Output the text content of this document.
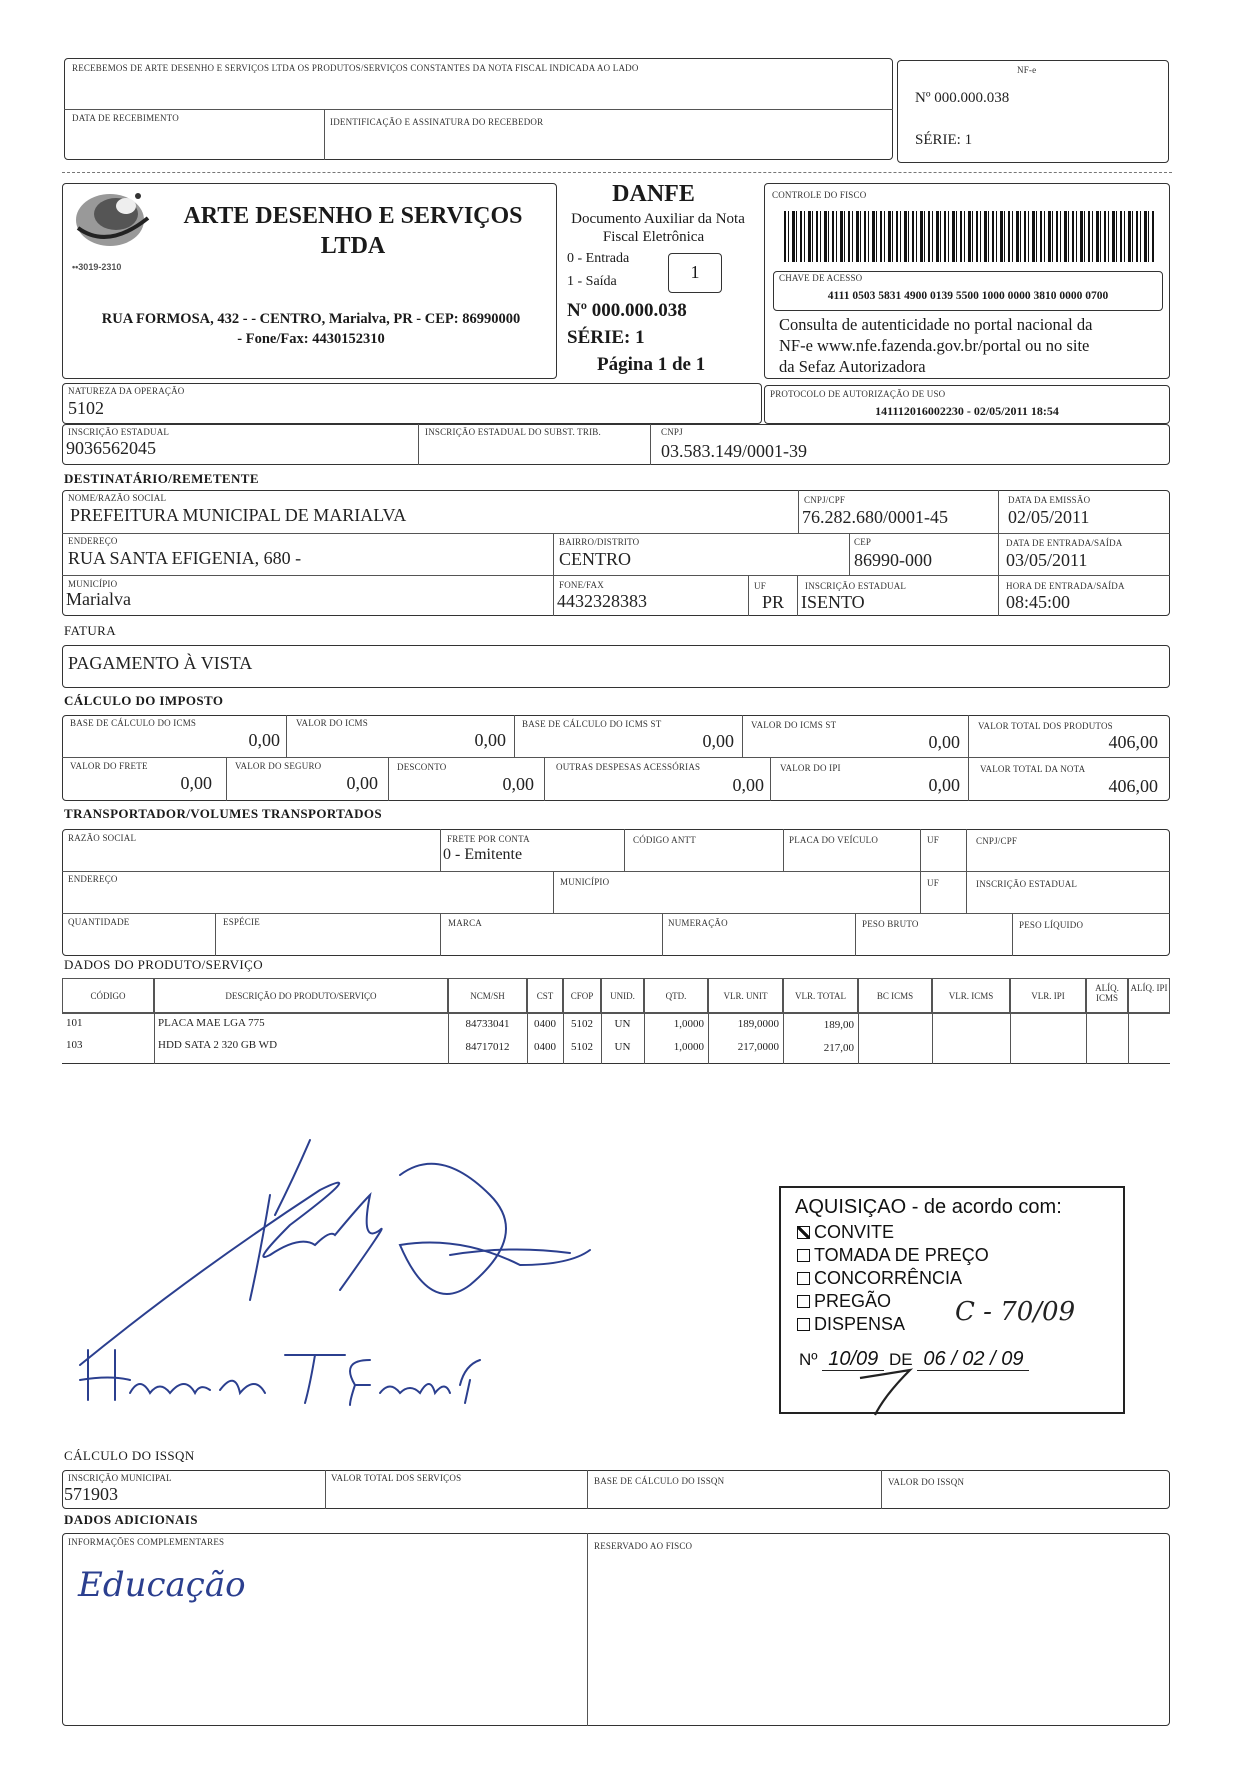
RECEBEMOS DE ARTE DESENHO E SERVIÇOS LTDA OS PRODUTOS/SERVIÇOS CONSTANTES DA NOTA FISCAL INDICADA AO LADO
DATA DE RECEBIMENTO	IDENTIFICAÇÃO E ASSINATURA DO RECEBEDOR
NF-e
Nº 000.000.038
SÉRIE: 1
••3019-2310
ARTE DESENHO E SERVIÇOS
LTDA
RUA FORMOSA, 432 - - CENTRO, Marialva, PR - CEP: 86990000
- Fone/Fax: 4430152310
DANFE
Documento Auxiliar da Nota
Fiscal Eletrônica
0 - Entrada
1 - Saída	1
Nº 000.000.038
SÉRIE: 1
Página 1 de 1
CONTROLE DO FISCO
CHAVE DE ACESSO
4111 0503 5831 4900 0139 5500 1000 0000 3810 0000 0700
Consulta de autenticidade no portal nacional da
NF-e www.nfe.fazenda.gov.br/portal ou no site
da Sefaz Autorizadora
NATUREZA DA OPERAÇÃO
5102
PROTOCOLO DE AUTORIZAÇÃO DE USO
141112016002230 - 02/05/2011 18:54
INSCRIÇÃO ESTADUAL
9036562045
INSCRIÇÃO ESTADUAL DO SUBST. TRIB.	CNPJ
03.583.149/0001-39
DESTINATÁRIO/REMETENTE
NOME/RAZÃO SOCIAL
PREFEITURA MUNICIPAL DE MARIALVA
CNPJ/CPF
76.282.680/0001-45
DATA DA EMISSÃO
02/05/2011
ENDEREÇO
RUA SANTA EFIGENIA, 680 -
BAIRRO/DISTRITO
CENTRO
CEP
86990-000
DATA DE ENTRADA/SAÍDA
03/05/2011
MUNICÍPIO
Marialva
FONE/FAX
4432328383
UF
PR
INSCRIÇÃO ESTADUAL
ISENTO
HORA DE ENTRADA/SAÍDA
08:45:00
FATURA
PAGAMENTO À VISTA
CÁLCULO DO IMPOSTO
BASE DE CÁLCULO DO ICMS
0,00
VALOR DO ICMS
0,00
BASE DE CÁLCULO DO ICMS ST
0,00
VALOR DO ICMS ST
0,00
VALOR TOTAL DOS PRODUTOS
406,00
VALOR DO FRETE
0,00
VALOR DO SEGURO
0,00
DESCONTO
0,00
OUTRAS DESPESAS ACESSÓRIAS
0,00
VALOR DO IPI
0,00
VALOR TOTAL DA NOTA
406,00
TRANSPORTADOR/VOLUMES TRANSPORTADOS
RAZÃO SOCIAL	FRETE POR CONTA
0 - Emitente
CÓDIGO ANTT	PLACA DO VEÍCULO	UF	CNPJ/CPF
ENDEREÇO	MUNICÍPIO	UF	INSCRIÇÃO ESTADUAL
QUANTIDADE	ESPÉCIE	MARCA	NUMERAÇÃO	PESO BRUTO	PESO LÍQUIDO
DADOS DO PRODUTO/SERVIÇO
CÓDIGO	DESCRIÇÃO DO PRODUTO/SERVIÇO	NCM/SH	CST	CFOP	UNID.	QTD.	VLR. UNIT	VLR. TOTAL	BC ICMS	VLR. ICMS	VLR. IPI
ALÍQ. ICMS
ALÍQ. IPI
101	PLACA MAE LGA 775	84733041	0400	5102	UN	1,0000	189,0000	189,00
103	HDD SATA 2 320 GB WD	84717012	0400	5102	UN	1,0000	217,0000	217,00
AQUISIÇAO - de acordo com:
CONVITE
TOMADA DE PREÇO
CONCORRÊNCIA
PREGÃO
DISPENSA C - 70/09
Nº 10/09 DE 06 / 02 / 09
CÁLCULO DO ISSQN
INSCRIÇÃO MUNICIPAL
571903
VALOR TOTAL DOS SERVIÇOS	BASE DE CÁLCULO DO ISSQN	VALOR DO ISSQN
DADOS ADICIONAIS
INFORMAÇÕES COMPLEMENTARES
Educação
RESERVADO AO FISCO
